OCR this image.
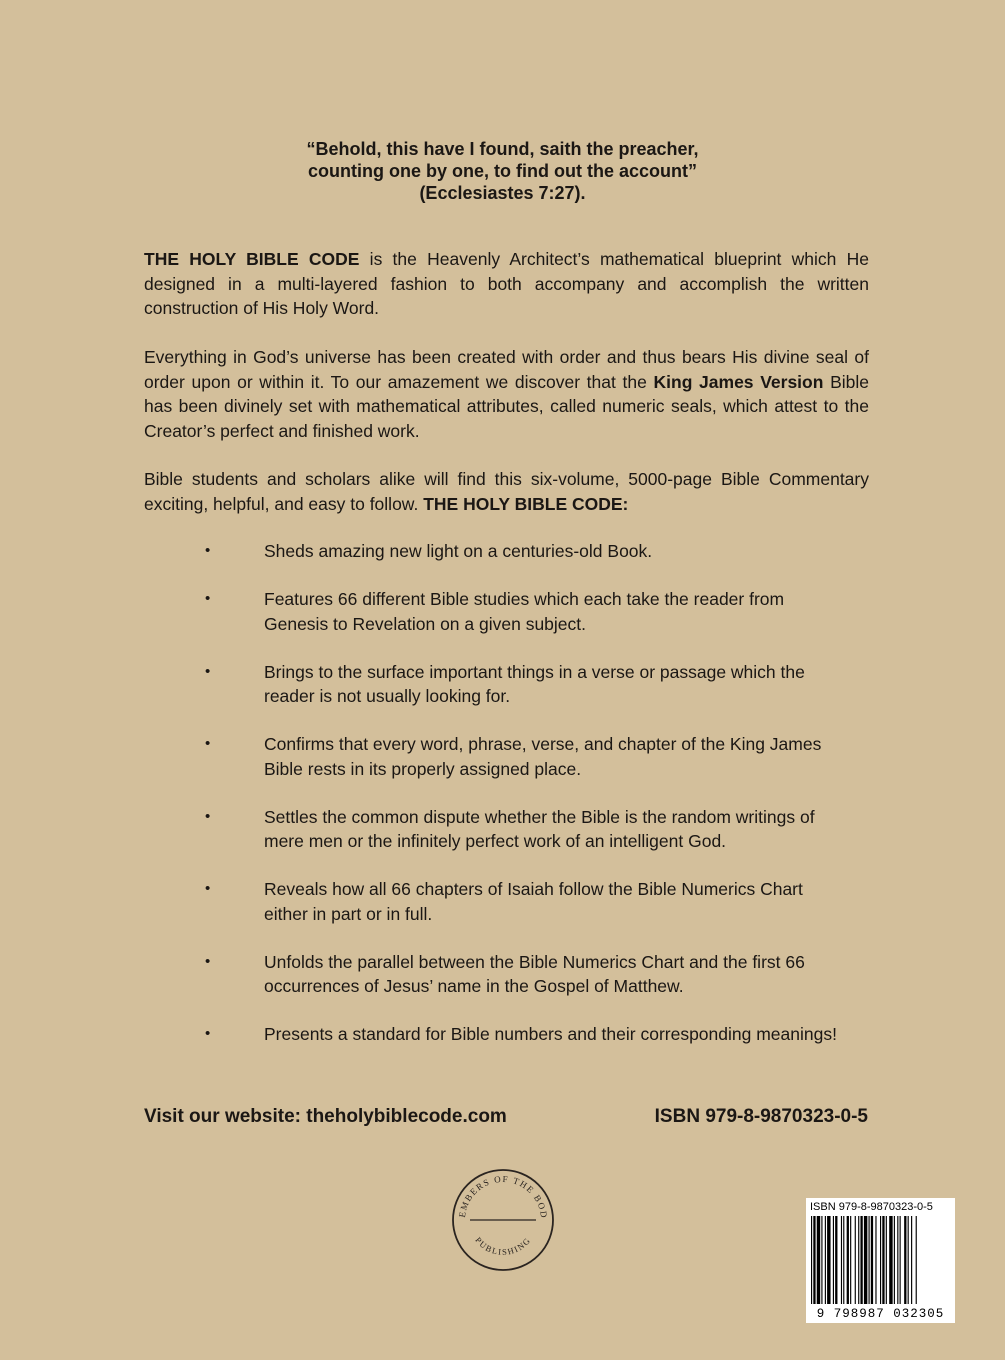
“Behold, this have I found, saith the preacher,
counting one by one, to find out the account”
(Ecclesiastes 7:27).
THE HOLY BIBLE CODE is the Heavenly Architect’s mathematical blueprint which He designed in a multi-layered fashion to both accompany and accomplish the written construction of His Holy Word.
Everything in God’s universe has been created with order and thus bears His divine seal of order upon or within it. To our amazement we discover that the King James Version Bible has been divinely set with mathematical attributes, called numeric seals, which attest to the Creator’s perfect and finished work.
Bible students and scholars alike will find this six-volume, 5000-page Bible Commentary exciting, helpful, and easy to follow. THE HOLY BIBLE CODE:
•	Sheds amazing new light on a centuries-old Book.
•	Features 66 different Bible studies which each take the reader from Genesis to Revelation on a given subject.
•	Brings to the surface important things in a verse or passage which the reader is not usually looking for.
•	Confirms that every word, phrase, verse, and chapter of the King James Bible rests in its properly assigned place.
•	Settles the common dispute whether the Bible is the random writings of mere men or the infinitely perfect work of an intelligent God.
•	Reveals how all 66 chapters of Isaiah follow the Bible Numerics Chart either in part or in full.
•	Unfolds the parallel between the Bible Numerics Chart and the first 66 occurrences of Jesus’ name in the Gospel of Matthew.
•	Presents a standard for Bible numbers and their corresponding meanings!
Visit our website: theholybiblecode.com	ISBN 979-8-9870323-0-5
EMBERS OF THE BOD
PUBLISHING
ISBN 979-8-9870323-0-5
9 798987 032305
